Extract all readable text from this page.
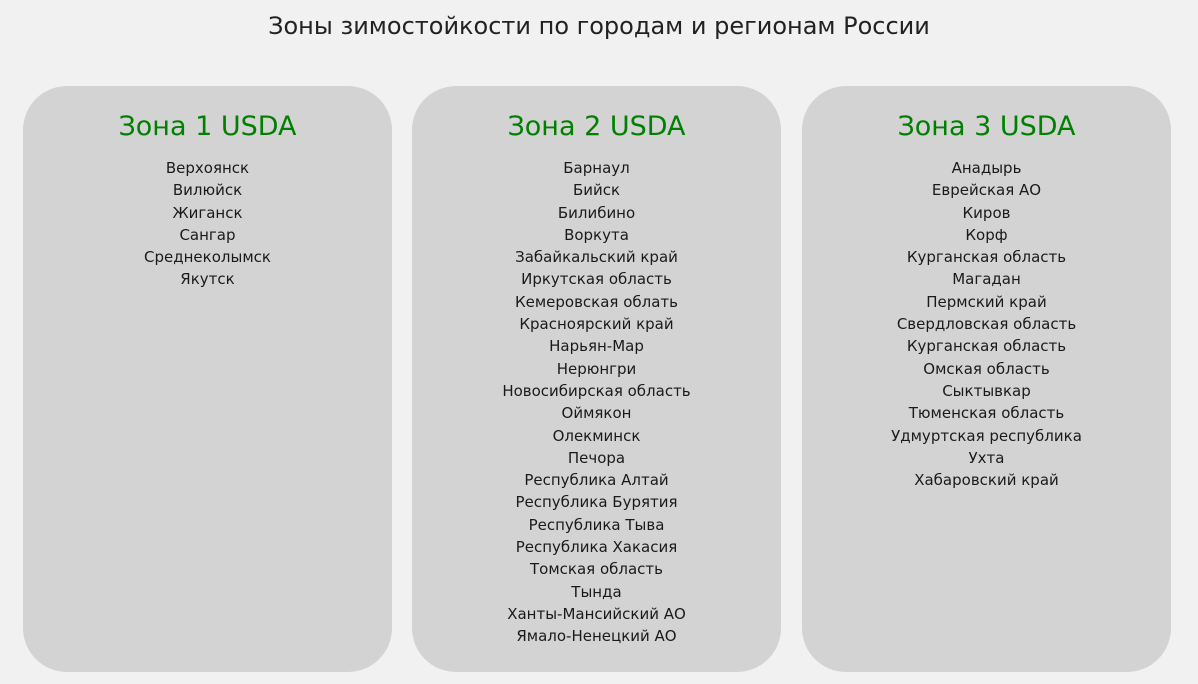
Зоны зимостойкости по городам и регионам России
Зона 1 USDA
Верхоянск
Вилюйск
Жиганск
Сангар
Среднеколымск
Якутск
Зона 2 USDA
Барнаул
Бийск
Билибино
Воркута
Забайкальский край
Иркутская область
Кемеровская облать
Красноярский край
Нарьян-Мар
Нерюнгри
Новосибирская область
Оймякон
Олекминск
Печора
Республика Алтай
Республика Бурятия
Республика Тыва
Республика Хакасия
Томская область
Тында
Ханты-Мансийский АО
Ямало-Ненецкий АО
Зона 3 USDA
Анадырь
Еврейская АО
Киров
Корф
Курганская область
Магадан
Пермский край
Свердловская область
Курганская область
Омская область
Сыктывкар
Тюменская область
Удмуртская республика
Ухта
Хабаровский край
